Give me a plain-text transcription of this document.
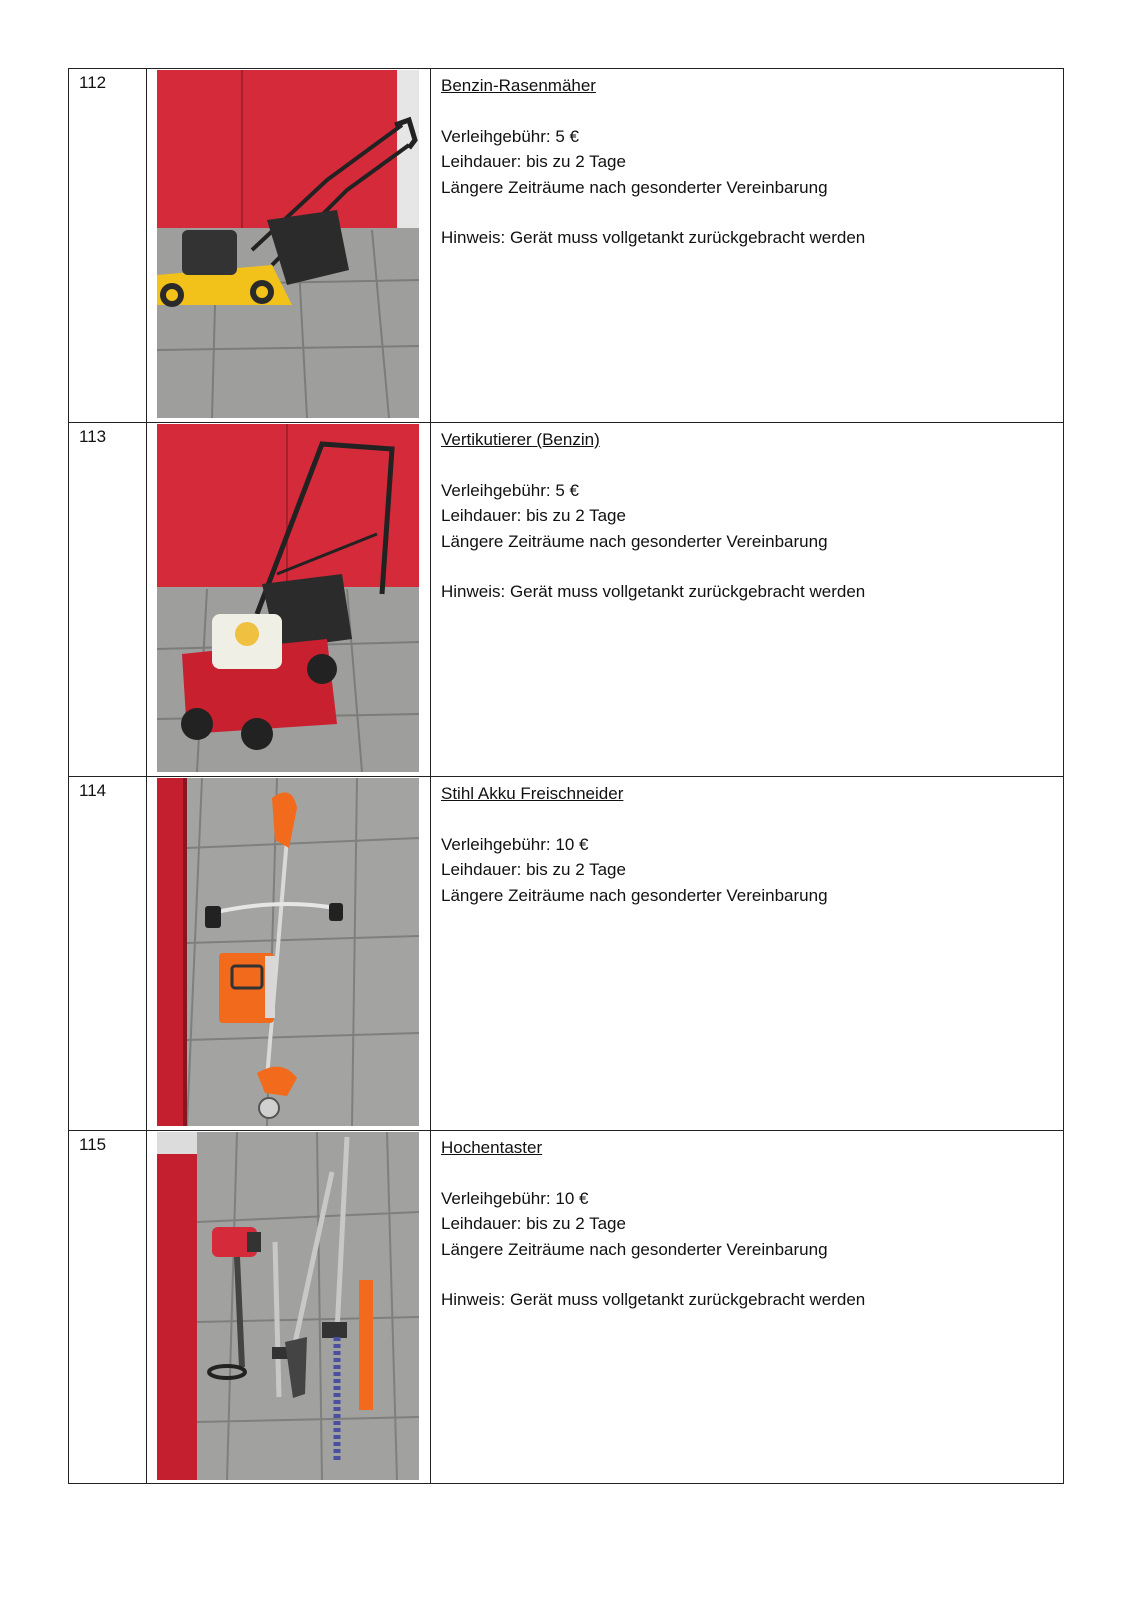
112	Benzin-Rasenmäher
Verleihgebühr: 5 €
Leihdauer: bis zu 2 Tage
Längere Zeiträume nach gesonderter Vereinbarung
Hinweis: Gerät muss vollgetankt zurückgebracht werden
113	Vertikutierer (Benzin)
Verleihgebühr: 5 €
Leihdauer: bis zu 2 Tage
Längere Zeiträume nach gesonderter Vereinbarung
Hinweis: Gerät muss vollgetankt zurückgebracht werden
114	Stihl Akku Freischneider
Verleihgebühr: 10 €
Leihdauer: bis zu 2 Tage
Längere Zeiträume nach gesonderter Vereinbarung
115	Hochentaster
Verleihgebühr: 10 €
Leihdauer: bis zu 2 Tage
Längere Zeiträume nach gesonderter Vereinbarung
Hinweis: Gerät muss vollgetankt zurückgebracht werden
